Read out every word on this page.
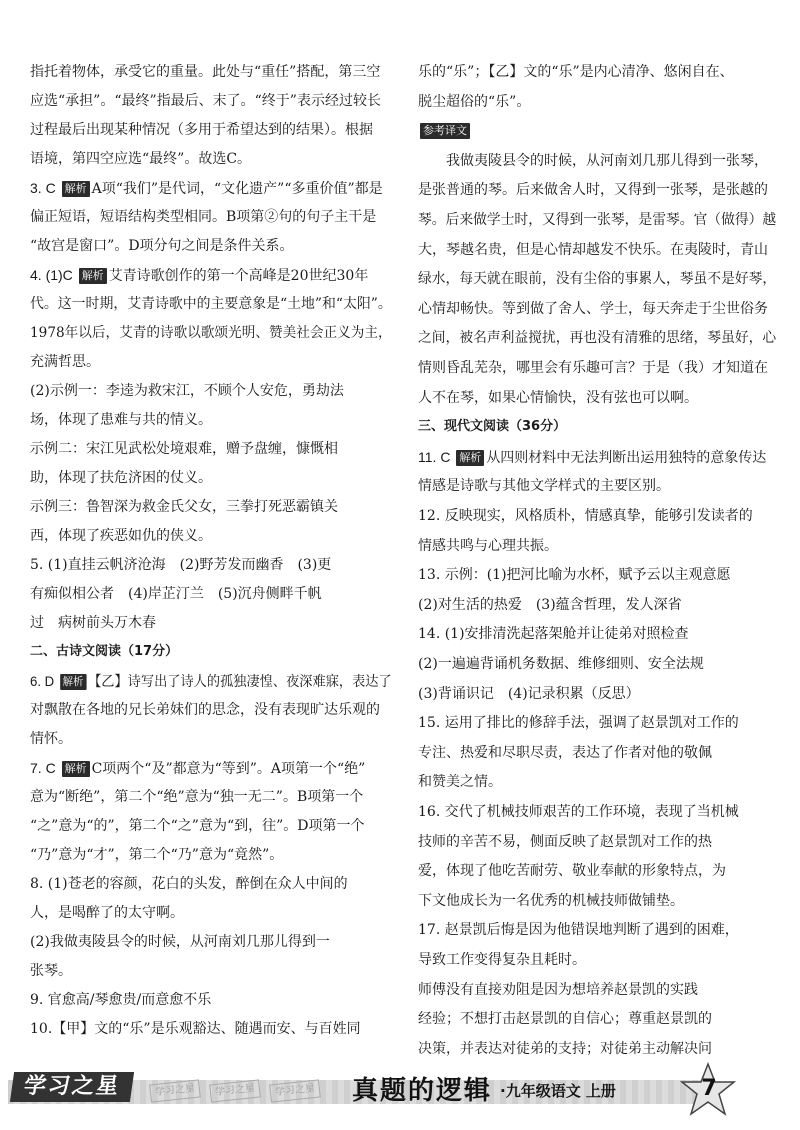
指托着物体，承受它的重量。此处与“重任”搭配，第三空
应选“承担”。“最终”指最后、末了。“终于”表示经过较长
过程最后出现某种情况（多用于希望达到的结果）。根据
语境，第四空应选“最终”。故选C。
3. C 解析 A项“我们”是代词，“文化遗产”“多重价值”都是
偏正短语，短语结构类型相同。B项第②句的句子主干是
“故宫是窗口”。D项分句之间是条件关系。
4. (1)C 解析 艾青诗歌创作的第一个高峰是20世纪30年
代。这一时期，艾青诗歌中的主要意象是“土地”和“太阳”。
1978年以后，艾青的诗歌以歌颂光明、赞美社会正义为主，
充满哲思。
(2)示例一：李逵为救宋江，不顾个人安危，勇劫法
场，体现了患难与共的情义。
示例二：宋江见武松处境艰难，赠予盘缠，慷慨相
助，体现了扶危济困的仗义。
示例三：鲁智深为救金氏父女，三拳打死恶霸镇关
西，体现了疾恶如仇的侠义。
5. (1)直挂云帆济沧海　(2)野芳发而幽香　(3)更
有痴似相公者　(4)岸芷汀兰　(5)沉舟侧畔千帆
过　病树前头万木春
二、古诗文阅读（17分）
6. D 解析 【乙】诗写出了诗人的孤独凄惶、夜深难寐，表达了
对飘散在各地的兄长弟妹们的思念，没有表现旷达乐观的
情怀。
7. C 解析 C项两个“及”都意为“等到”。A项第一个“绝”
意为“断绝”，第二个“绝”意为“独一无二”。B项第一个
“之”意为“的”，第二个“之”意为“到，往”。D项第一个
“乃”意为“才”，第二个“乃”意为“竟然”。
8. (1)苍老的容颜，花白的头发，醉倒在众人中间的
人，是喝醉了的太守啊。
(2)我做夷陵县令的时候，从河南刘几那儿得到一
张琴。
9. 官愈高/琴愈贵/而意愈不乐
10.【甲】文的“乐”是乐观豁达、随遇而安、与百姓同
乐的“乐”；【乙】文的“乐”是内心清净、悠闲自在、
脱尘超俗的“乐”。
参考译文
　　我做夷陵县令的时候，从河南刘几那儿得到一张琴，
是张普通的琴。后来做舍人时，又得到一张琴，是张越的
琴。后来做学士时，又得到一张琴，是雷琴。官（做得）越
大，琴越名贵，但是心情却越发不快乐。在夷陵时，青山
绿水，每天就在眼前，没有尘俗的事累人，琴虽不是好琴，
心情却畅快。等到做了舍人、学士，每天奔走于尘世俗务
之间，被名声利益搅扰，再也没有清雅的思绪，琴虽好，心
情则昏乱芜杂，哪里会有乐趣可言？于是（我）才知道在
人不在琴，如果心情愉快，没有弦也可以啊。
三、现代文阅读（36分）
11. C 解析 从四则材料中无法判断出运用独特的意象传达
情感是诗歌与其他文学样式的主要区别。
12. 反映现实，风格质朴，情感真挚，能够引发读者的
情感共鸣与心理共振。
13. 示例：(1)把河比喻为水杯，赋予云以主观意愿
(2)对生活的热爱　(3)蕴含哲理，发人深省
14. (1)安排清洗起落架舱并让徒弟对照检查
(2)一遍遍背诵机务数据、维修细则、安全法规
(3)背诵识记　(4)记录积累（反思）
15. 运用了排比的修辞手法，强调了赵景凯对工作的
专注、热爱和尽职尽责，表达了作者对他的敬佩
和赞美之情。
16. 交代了机械技师艰苦的工作环境，表现了当机械
技师的辛苦不易，侧面反映了赵景凯对工作的热
爱，体现了他吃苦耐劳、敬业奉献的形象特点，为
下文他成长为一名优秀的机械技师做铺垫。
17. 赵景凯后悔是因为他错误地判断了遇到的困难，
导致工作变得复杂且耗时。
师傅没有直接劝阻是因为想培养赵景凯的实践
经验；不想打击赵景凯的自信心；尊重赵景凯的
决策，并表达对徒弟的支持；对徒弟主动解决问
学习之星	学习之星	学习之星	学习之星 真题的逻辑 ·九年级语文 上册	7
